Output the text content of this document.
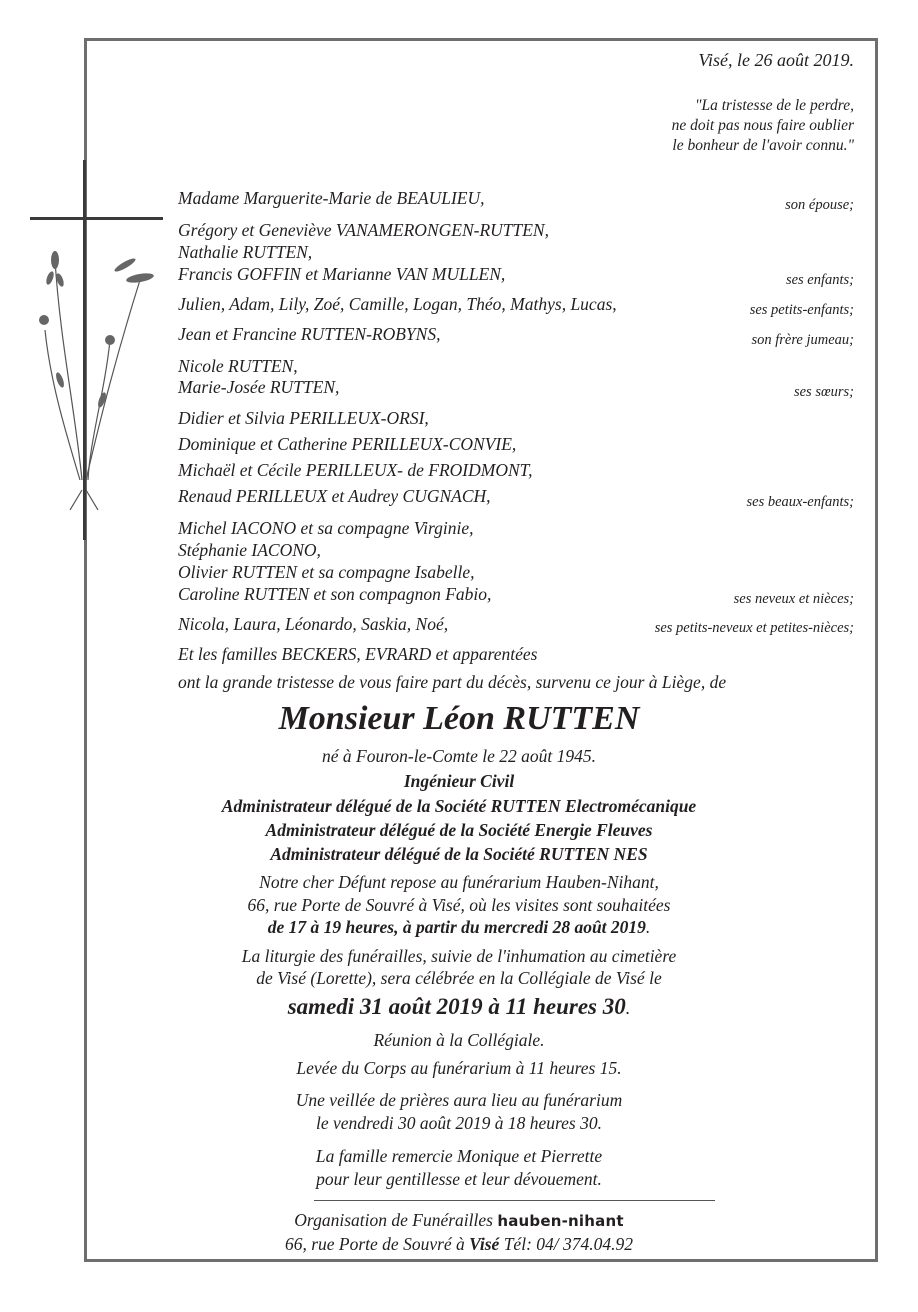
Visé, le 26 août 2019.
"La tristesse de le perdre,
ne doit pas nous faire oublier
le bonheur de l'avoir connu."
Madame Marguerite-Marie de BEAULIEU,	son épouse;
Grégory et Geneviève VANAMERONGEN-RUTTEN,
Nathalie RUTTEN,
Francis GOFFIN et Marianne VAN MULLEN,	ses enfants;
Julien, Adam, Lily, Zoé, Camille, Logan, Théo, Mathys, Lucas,	ses petits-enfants;
Jean et Francine RUTTEN-ROBYNS,	son frère jumeau;
Nicole RUTTEN,
Marie-Josée RUTTEN,	ses sœurs;
Didier et Silvia PERILLEUX-ORSI,
Dominique et Catherine PERILLEUX-CONVIE,
Michaël et Cécile PERILLEUX- de FROIDMONT,
Renaud PERILLEUX et Audrey CUGNACH,	ses beaux-enfants;
Michel IACONO et sa compagne Virginie,
Stéphanie IACONO,
Olivier RUTTEN et sa compagne Isabelle,
Caroline RUTTEN et son compagnon Fabio,	ses neveux et nièces;
Nicola, Laura, Léonardo, Saskia, Noé,	ses petits-neveux et petites-nièces;
Et les familles BECKERS, EVRARD et apparentées
ont la grande tristesse de vous faire part du décès, survenu ce jour à Liège, de
Monsieur Léon RUTTEN
né à Fouron-le-Comte le 22 août 1945.
Ingénieur Civil
Administrateur délégué de la Société RUTTEN Electromécanique
Administrateur délégué de la Société Energie Fleuves
Administrateur délégué de la Société RUTTEN NES
Notre cher Défunt repose au funérarium Hauben-Nihant,
66, rue Porte de Souvré à Visé, où les visites sont souhaitées
de 17 à 19 heures, à partir du mercredi 28 août 2019.
La liturgie des funérailles, suivie de l'inhumation au cimetière
de Visé (Lorette), sera célébrée en la Collégiale de Visé le
samedi 31 août 2019 à 11 heures 30.
Réunion à la Collégiale.
Levée du Corps au funérarium à 11 heures 15.
Une veillée de prières aura lieu au funérarium
le vendredi 30 août 2019 à 18 heures 30.
La famille remercie Monique et Pierrette
pour leur gentillesse et leur dévouement.
Organisation de Funérailles hauben-nihant
66, rue Porte de Souvré à Visé Tél: 04/ 374.04.92
